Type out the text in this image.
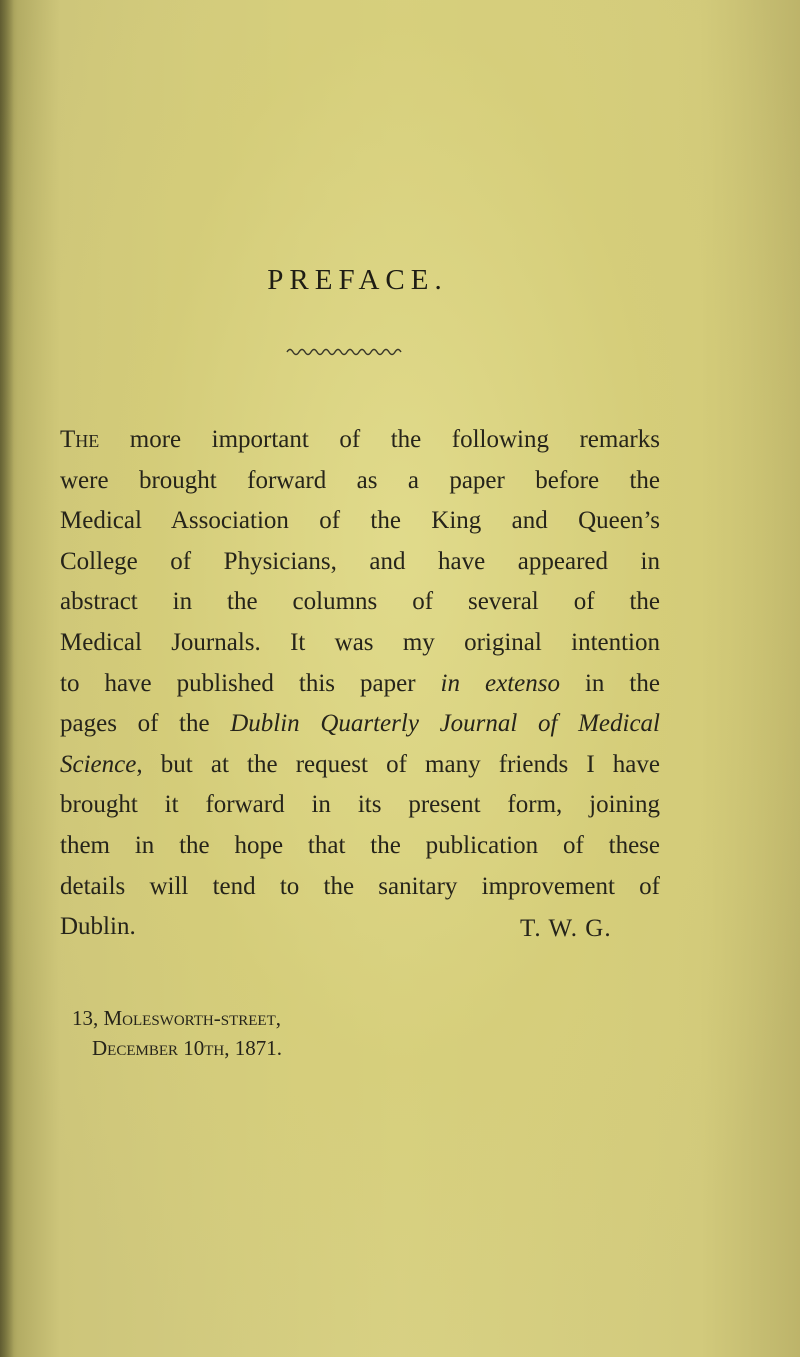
PREFACE.
The more important of the following remarks
were brought forward as a paper before the
Medical Association of the King and Queen’s
College of Physicians, and have appeared in
abstract in the columns of several of the
Medical Journals. It was my original intention
to have published this paper in extenso in the
pages of the Dublin Quarterly Journal of Medical
Science, but at the request of many friends I have
brought it forward in its present form, joining
them in the hope that the publication of these
details will tend to the sanitary improvement of
Dublin.	T. W. G.
13, Molesworth-street,
December 10th, 1871.
